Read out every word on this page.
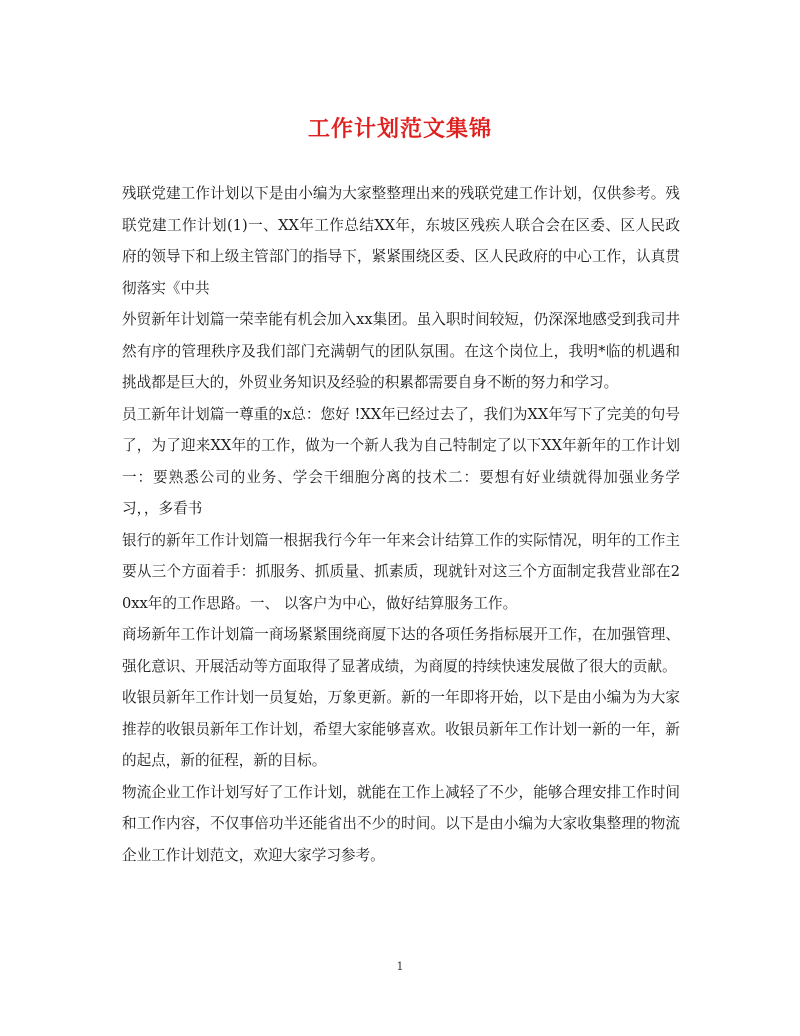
工作计划范文集锦

残联党建工作计划以下是由小编为大家整整理出来的残联党建工作计划，仅供参考。残联党建工作计划(1)一、XX年工作总结XX年，东坡区残疾人联合会在区委、区人民政府的领导下和上级主管部门的指导下，紧紧围绕区委、区人民政府的中心工作，认真贯彻落实《中共

外贸新年计划篇一荣幸能有机会加入xx集团。虽入职时间较短，仍深深地感受到我司井然有序的管理秩序及我们部门充满朝气的团队氛围。在这个岗位上，我明*临的机遇和挑战都是巨大的，外贸业务知识及经验的积累都需要自身不断的努力和学习。

员工新年计划篇一尊重的x总：您好 !XX年已经过去了，我们为XX年写下了完美的句号了，为了迎来XX年的工作，做为一个新人我为自己特制定了以下XX年新年的工作计划一：要熟悉公司的业务、学会干细胞分离的技术二：要想有好业绩就得加强业务学习，，多看书

银行的新年工作计划篇一根据我行今年一年来会计结算工作的实际情况，明年的工作主要从三个方面着手：抓服务、抓质量、抓素质，现就针对这三个方面制定我营业部在20xx年的工作思路。一、 以客户为中心，做好结算服务工作。

商场新年工作计划篇一商场紧紧围绕商厦下达的各项任务指标展开工作，在加强管理、强化意识、开展活动等方面取得了显著成绩，为商厦的持续快速发展做了很大的贡献。

收银员新年工作计划一员复始，万象更新。新的一年即将开始，以下是由小编为为大家推荐的收银员新年工作计划，希望大家能够喜欢。收银员新年工作计划一新的一年，新的起点，新的征程，新的目标。

物流企业工作计划写好了工作计划，就能在工作上减轻了不少，能够合理安排工作时间和工作内容，不仅事倍功半还能省出不少的时间。以下是由小编为大家收集整理的物流企业工作计划范文，欢迎大家学习参考。

1
